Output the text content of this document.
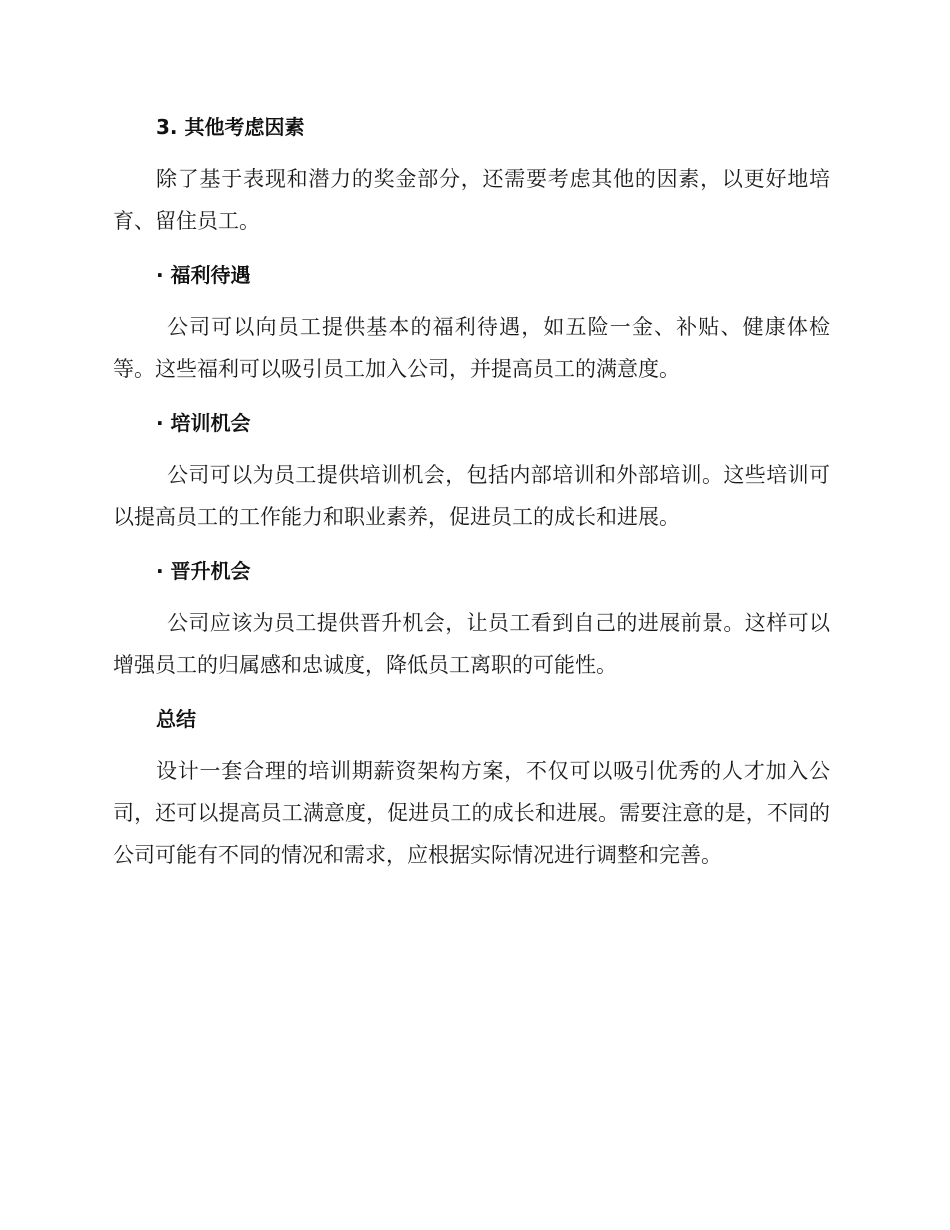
3. 其他考虑因素

除了基于表现和潜力的奖金部分，还需要考虑其他的因素，以更好地培育、留住员工。

· 福利待遇

公司可以向员工提供基本的福利待遇，如五险一金、补贴、健康体检等。这些福利可以吸引员工加入公司，并提高员工的满意度。

· 培训机会

公司可以为员工提供培训机会，包括内部培训和外部培训。这些培训可以提高员工的工作能力和职业素养，促进员工的成长和进展。

· 晋升机会

公司应该为员工提供晋升机会，让员工看到自己的进展前景。这样可以增强员工的归属感和忠诚度，降低员工离职的可能性。

总结

设计一套合理的培训期薪资架构方案，不仅可以吸引优秀的人才加入公司，还可以提高员工满意度，促进员工的成长和进展。需要注意的是，不同的公司可能有不同的情况和需求，应根据实际情况进行调整和完善。
